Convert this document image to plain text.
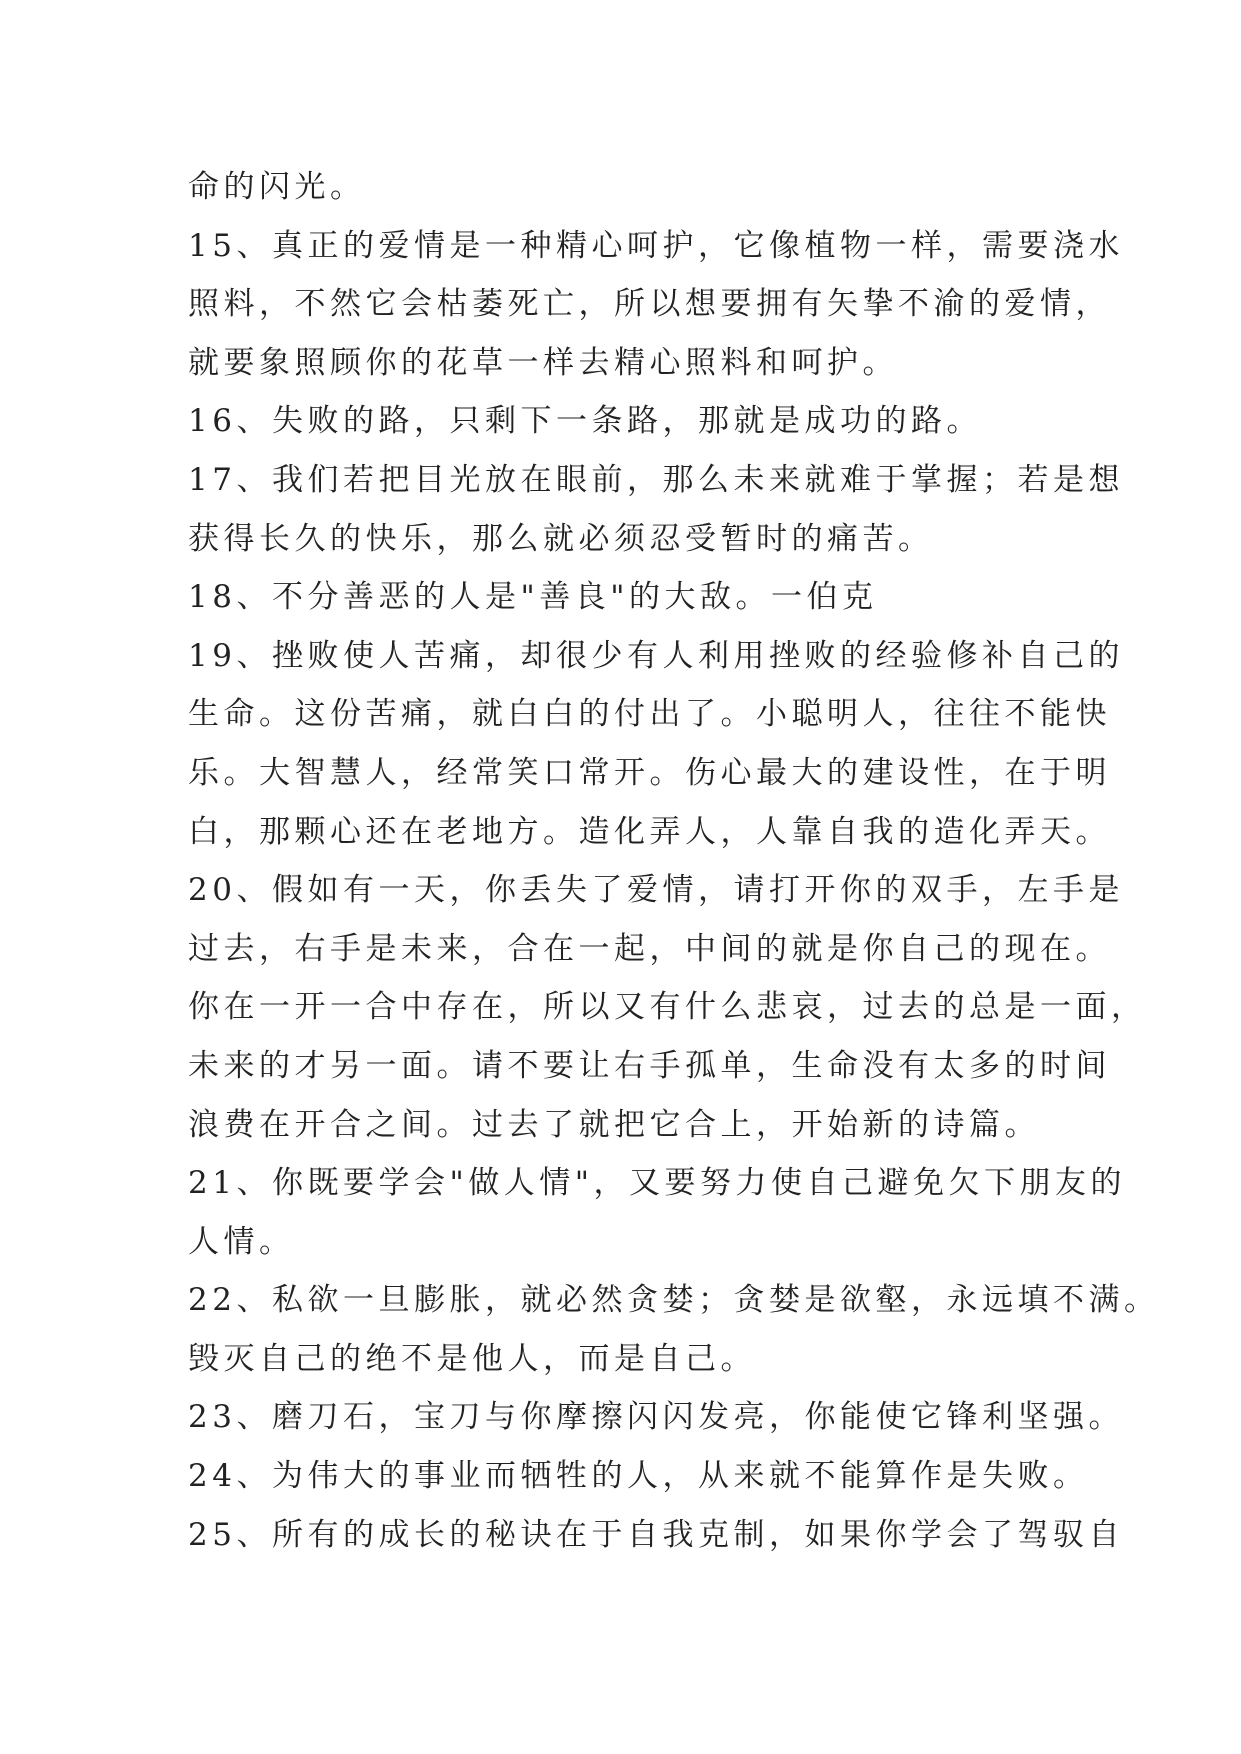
命的闪光。
15、真正的爱情是一种精心呵护，它像植物一样，需要浇水
照料，不然它会枯萎死亡，所以想要拥有矢挚不渝的爱情，
就要象照顾你的花草一样去精心照料和呵护。
16、失败的路，只剩下一条路，那就是成功的路。
17、我们若把目光放在眼前，那么未来就难于掌握；若是想
获得长久的快乐，那么就必须忍受暂时的痛苦。
18、不分善恶的人是"善良"的大敌。一伯克
19、挫败使人苦痛，却很少有人利用挫败的经验修补自己的
生命。这份苦痛，就白白的付出了。小聪明人，往往不能快
乐。大智慧人，经常笑口常开。伤心最大的建设性，在于明
白，那颗心还在老地方。造化弄人，人靠自我的造化弄天。
20、假如有一天，你丢失了爱情，请打开你的双手，左手是
过去，右手是未来，合在一起，中间的就是你自己的现在。
你在一开一合中存在，所以又有什么悲哀，过去的总是一面，
未来的才另一面。请不要让右手孤单，生命没有太多的时间
浪费在开合之间。过去了就把它合上，开始新的诗篇。
21、你既要学会"做人情"，又要努力使自己避免欠下朋友的
人情。
22、私欲一旦膨胀，就必然贪婪；贪婪是欲壑，永远填不满。
毁灭自己的绝不是他人，而是自己。
23、磨刀石，宝刀与你摩擦闪闪发亮，你能使它锋利坚强。
24、为伟大的事业而牺牲的人，从来就不能算作是失败。
25、所有的成长的秘诀在于自我克制，如果你学会了驾驭自
